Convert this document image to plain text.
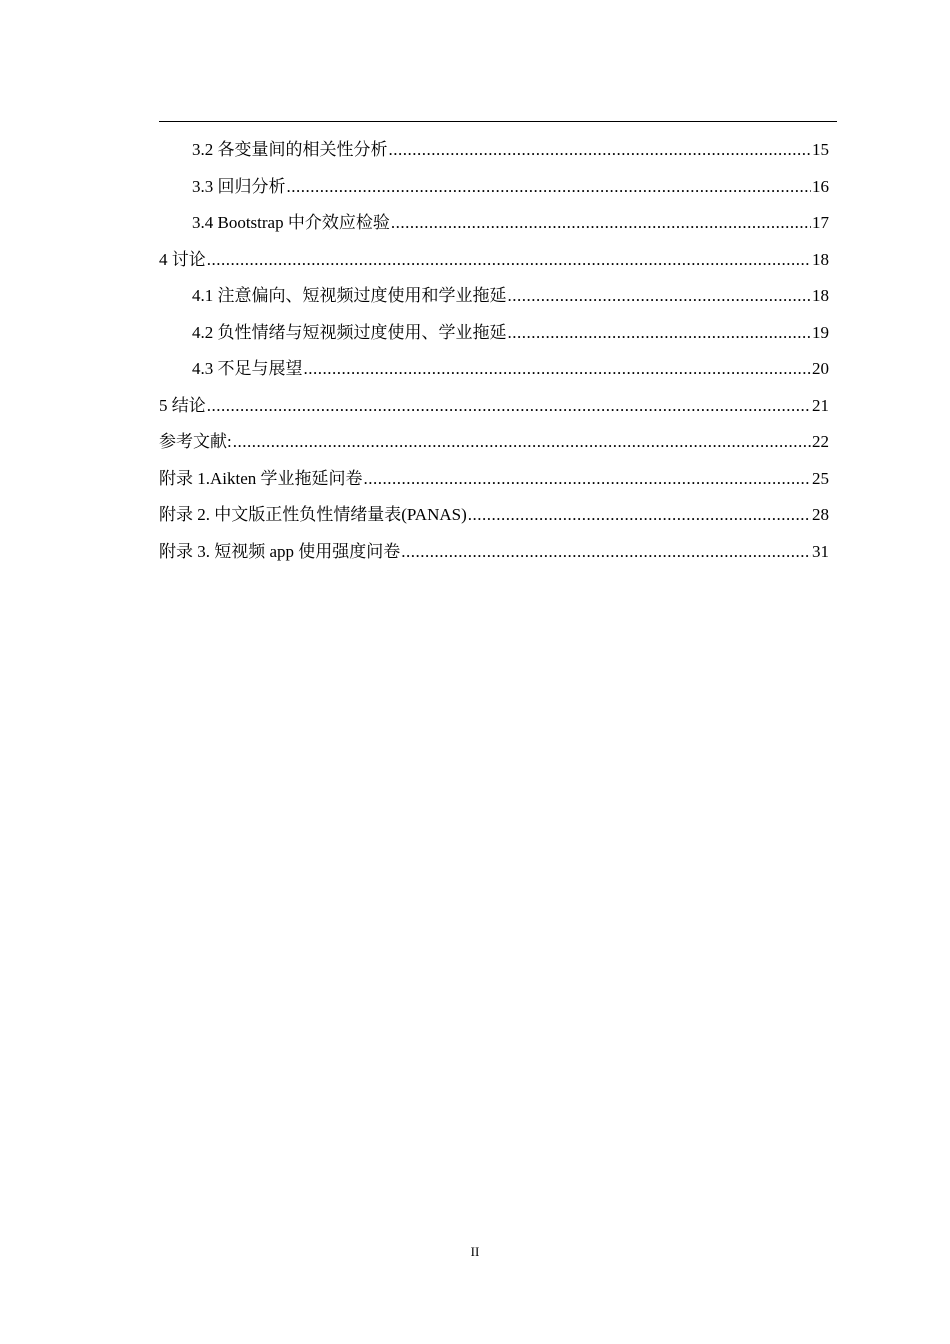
3.2 各变量间的相关性分析 .....	15
3.3 回归分析 .....	16
3.4 Bootstrap 中介效应检验 .....	17
4 讨论 .....	18
4.1 注意偏向、短视频过度使用和学业拖延 .....	18
4.2 负性情绪与短视频过度使用、学业拖延 .....	19
4.3 不足与展望 .....	20
5 结论 .....	21
参考文献: .....	22
附录 1.Aikten 学业拖延问卷 .....	25
附录 2. 中文版正性负性情绪量表(PANAS) .....	28
附录 3. 短视频 app 使用强度问卷 .....	31
II
